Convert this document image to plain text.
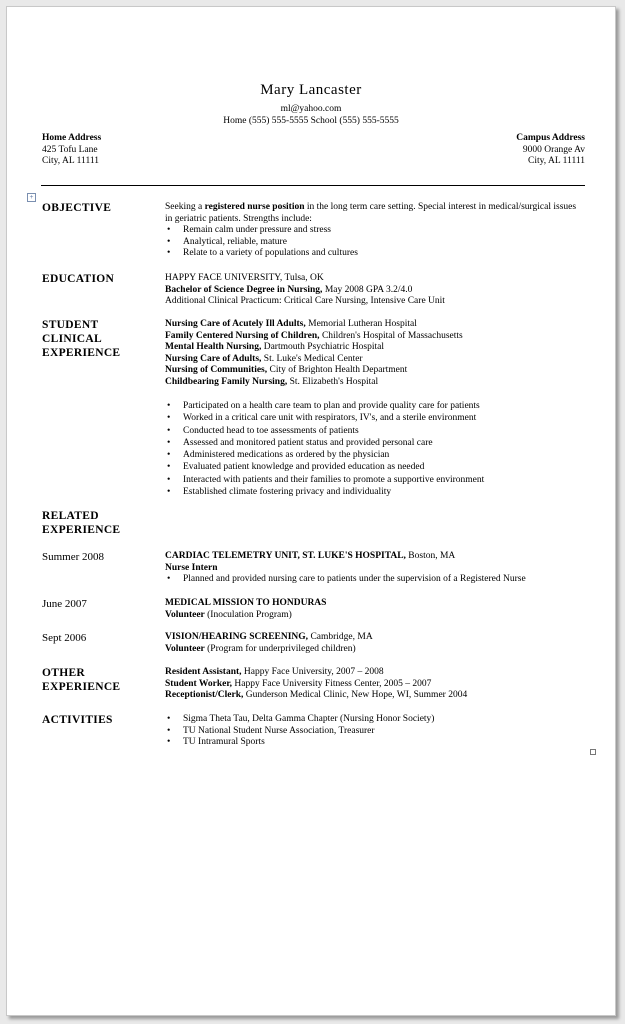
Mary Lancaster
ml@yahoo.com
Home (555) 555-5555 School (555) 555-5555
Home Address
425 Tofu Lane
City, AL 11111
Campus Address
9000 Orange Av
City, AL 11111
+
OBJECTIVE	Seeking a registered nurse position in the long term care setting. Special interest in medical/surgical issues in geriatric patients. Strengths include:
• Remain calm under pressure and stress
• Analytical, reliable, mature
• Relate to a variety of populations and cultures
EDUCATION	HAPPY FACE UNIVERSITY, Tulsa, OK
Bachelor of Science Degree in Nursing, May 2008 GPA 3.2/4.0
Additional Clinical Practicum: Critical Care Nursing, Intensive Care Unit
STUDENT
CLINICAL
EXPERIENCE
Nursing Care of Acutely Ill Adults, Memorial Lutheran Hospital
Family Centered Nursing of Children, Children's Hospital of Massachusetts
Mental Health Nursing, Dartmouth Psychiatric Hospital
Nursing Care of Adults, St. Luke's Medical Center
Nursing of Communities, City of Brighton Health Department
Childbearing Family Nursing, St. Elizabeth's Hospital
• Participated on a health care team to plan and provide quality care for patients
• Worked in a critical care unit with respirators, IV's, and a sterile environment
• Conducted head to toe assessments of patients
• Assessed and monitored patient status and provided personal care
• Administered medications as ordered by the physician
• Evaluated patient knowledge and provided education as needed
• Interacted with patients and their families to promote a supportive environment
• Established climate fostering privacy and individuality
RELATED
EXPERIENCE
Summer 2008	CARDIAC TELEMETRY UNIT, ST. LUKE'S HOSPITAL, Boston, MA
Nurse Intern
• Planned and provided nursing care to patients under the supervision of a Registered Nurse
June 2007	MEDICAL MISSION TO HONDURAS
Volunteer (Inoculation Program)
Sept 2006	VISION/HEARING SCREENING, Cambridge, MA
Volunteer (Program for underprivileged children)
OTHER
EXPERIENCE
Resident Assistant, Happy Face University, 2007 – 2008
Student Worker, Happy Face University Fitness Center, 2005 – 2007
Receptionist/Clerk, Gunderson Medical Clinic, New Hope, WI, Summer 2004
ACTIVITIES
•	Sigma Theta Tau, Delta Gamma Chapter (Nursing Honor Society)
• TU National Student Nurse Association, Treasurer
• TU Intramural Sports
